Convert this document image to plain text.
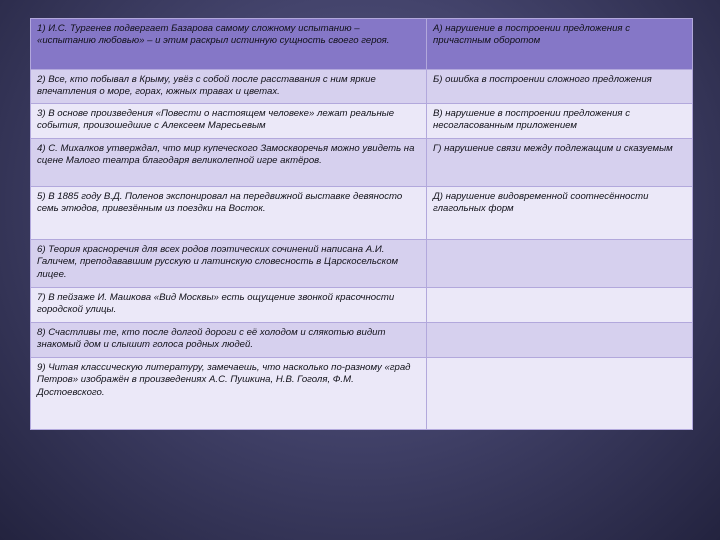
1) И.С. Тургенев подвергает Базарова самому сложному испытанию – «испытанию любовью» – и этим раскрыл истинную сущность своего героя.	А) нарушение в построении предложения с причастным оборотом
2) Все, кто побывал в Крыму, увёз с собой после расставания с ним яркие впечатления о море, горах, южных травах и цветах.	Б) ошибка в построении сложного предложения
3) В основе произведения «Повести о настоящем человеке» лежат реальные события, произошедшие с Алексеем Маресьевым	В) нарушение в построении предложения с несогласованным приложением
4) С. Михалков утверждал, что мир купеческого Замоскворечья можно увидеть на сцене Малого театра благодаря великолепной игре актёров.	Г) нарушение связи между подлежащим и сказуемым
5) В 1885 году В.Д. Поленов экспонировал на передвижной выставке девяносто семь этюдов, привезённым из поездки на Восток.	Д) нарушение видовременной соотнесённости глагольных форм
6) Теория красноречия для всех родов поэтических сочинений написана А.И. Галичем, преподававшим русскую и латинскую словесность в Царскосельском лицее.	
7) В пейзаже И. Машкова «Вид Москвы» есть ощущение звонкой красочности городской улицы.	
8) Счастливы те, кто после долгой дороги с её холодом и слякотью видит знакомый дом и слышит голоса родных людей.	
9) Читая классическую литературу, замечаешь, что насколько по-разному «град Петров» изображён в произведениях А.С. Пушкина, Н.В. Гоголя, Ф.М. Достоевского.	
